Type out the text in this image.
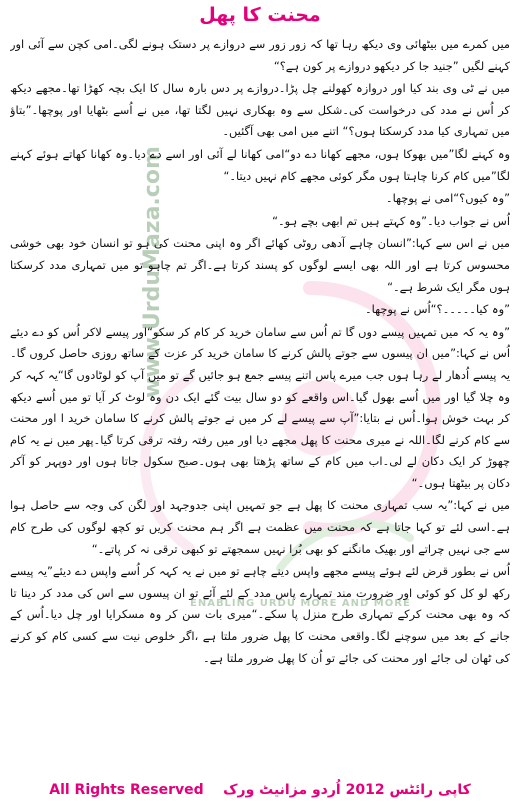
محنت کا پھل
www.UrduMaza.com
ENABLING URDU MORE AND MORE

میں کمرے میں بیٹھائی وی دیکھ رہا تھا کہ زور زور سے دروازے پر دستک ہونے لگی۔امی کچن سے آئی اور کہنے لگیں ”جنید جا کر دیکھو دروازے پر کون ہے؟“

میں نے ٹی وی بند کیا اور دروازہ کھولنے چل پڑا۔دروازے پر دس بارہ سال کا ایک بچہ کھڑا تھا۔مجھے دیکھ کر اُس نے مدد کی درخواست کی۔شکل سے وہ بھکاری نہیں لگتا تھا، میں نے اُسے بٹھایا اور پوچھا۔”بتاؤ میں تمہاری کیا مدد کرسکتا ہوں؟“ اتنے میں امی بھی آگئیں۔

وہ کہنے لگا”میں بھوکا ہوں، مجھے کھانا دے دو“امی کھانا لے آئی اور اسے دے دیا۔وہ کھانا کھاتے ہوئے کہنے لگا”میں کام کرنا چاہتا ہوں مگر کوئی مجھے کام نہیں دیتا۔“

”وہ کیوں؟“امی نے پوچھا۔

اُس نے جواب دیا۔”وہ کہتے ہیں تم ابھی بچے ہو۔“

میں نے اس سے کہا:”انسان چاہے آدھی روٹی کھائے اگر وہ اپنی محنت کی ہو تو انسان خود بھی خوشی محسوس کرتا ہے اور اللہ بھی ایسے لوگوں کو پسند کرتا ہے۔اگر تم چاہو تو میں تمہاری مدد کرسکتا ہوں مگر ایک شرط ہے۔“

”وہ کیا۔۔۔۔۔؟“اُس نے پوچھا۔

”وہ یہ کہ میں تمہیں پیسے دوں گا تم اُس سے سامان خرید کر کام کر سکو“اور پیسے لاکر اُس کو دے دیئے اُس نے کہا:”میں ان پیسوں سے جوتے پالش کرنے کا سامان خرید کر عزت کے ساتھ روزی حاصل کروں گا۔یہ پیسے اُدھار لے رہا ہوں جب میرے پاس اتنے پیسے جمع ہو جائیں گے تو میں آپ کو لوٹادوں گا“یہ کہہ کر وہ چلا گیا اور میں اُسے بھول گیا۔اس واقعے کو دو سال بیت گئے ایک دن وہ لوٹ کر آیا تو میں اُسے دیکھ کر بہت خوش ہوا۔اُس نے بتایا:”آپ سے پیسے لے کر میں نے جوتے پالش کرنے کا سامان خرید ا اور محنت سے کام کرنے لگا۔اللہ نے میری محنت کا پھل مجھے دیا اور میں رفتہ رفتہ ترقی کرتا گیا۔پھر میں نے یہ کام چھوڑ کر ایک دکان لے لی۔اب میں کام کے ساتھ پڑھتا بھی ہوں۔صبح سکول جاتا ہوں اور دوپہر کو آکر دکان پر بیٹھتا ہوں۔“

میں نے کہا:”یہ سب تمہاری محنت کا پھل ہے جو تمہیں اپنی جدوجہد اور لگن کی وجہ سے حاصل ہوا ہے۔اسی لئے تو کہا جاتا ہے کہ محنت میں عظمت ہے اگر ہم محنت کریں تو کچھ لوگوں کی طرح کام سے جی نہیں چراتے اور بھیک مانگنے کو بھی بُرا نہیں سمجھتے تو کبھی ترقی نہ کر پاتے۔“

اُس نے بطور قرض لئے ہوئے پیسے مجھے واپس دینے چاہے تو میں نے یہ کہہ کر اُسے واپس دے دیئے”یہ پیسے رکھ لو کل کو کوئی اور ضرورت مند تمہارے پاس مدد کے لئے آئے تو ان پیسوں سے اس کی مدد کر دینا تا کہ وہ بھی محنت کرکے تمہاری طرح منزل پا سکے۔“میری بات سن کر وہ مسکرایا اور چل دیا۔اُس کے جانے کے بعد میں سوچنے لگا۔واقعی محنت کا پھل ضرور ملتا ہے ،اگر خلوص نیت سے کسی کام کو کرنے کی ٹھان لی جائے اور محنت کی جائے تو اُن کا پھل ضرور ملتا ہے۔

All Rights Reserved کاپی رائٹس 2012 اُردو مزانیٹ ورک
